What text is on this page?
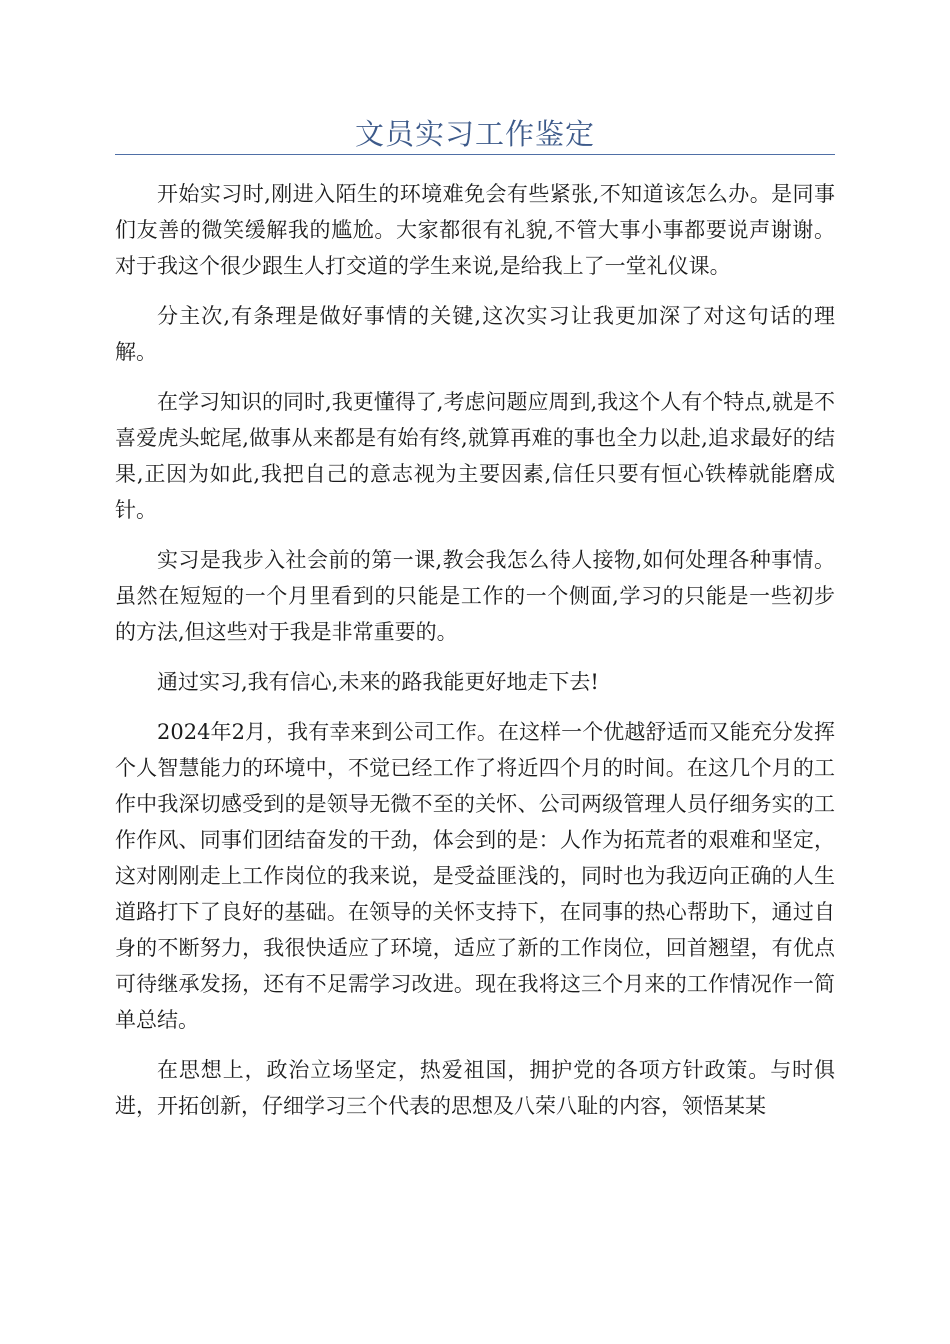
文员实习工作鉴定

开始实习时,刚进入陌生的环境难免会有些紧张,不知道该怎么办。是同事们友善的微笑缓解我的尴尬。大家都很有礼貌,不管大事小事都要说声谢谢。对于我这个很少跟生人打交道的学生来说,是给我上了一堂礼仪课。

分主次,有条理是做好事情的关键,这次实习让我更加深了对这句话的理解。

在学习知识的同时,我更懂得了,考虑问题应周到,我这个人有个特点,就是不喜爱虎头蛇尾,做事从来都是有始有终,就算再难的事也全力以赴,追求最好的结果,正因为如此,我把自己的意志视为主要因素,信任只要有恒心铁棒就能磨成针。

实习是我步入社会前的第一课,教会我怎么待人接物,如何处理各种事情。虽然在短短的一个月里看到的只能是工作的一个侧面,学习的只能是一些初步的方法,但这些对于我是非常重要的。

通过实习,我有信心,未来的路我能更好地走下去!

2024年2月，我有幸来到公司工作。在这样一个优越舒适而又能充分发挥个人智慧能力的环境中，不觉已经工作了将近四个月的时间。在这几个月的工作中我深切感受到的是领导无微不至的关怀、公司两级管理人员仔细务实的工作作风、同事们团结奋发的干劲，体会到的是：人作为拓荒者的艰难和坚定，这对刚刚走上工作岗位的我来说，是受益匪浅的，同时也为我迈向正确的人生道路打下了良好的基础。在领导的关怀支持下，在同事的热心帮助下，通过自身的不断努力，我很快适应了环境，适应了新的工作岗位，回首翘望，有优点可待继承发扬，还有不足需学习改进。现在我将这三个月来的工作情况作一简单总结。

在思想上，政治立场坚定，热爱祖国，拥护党的各项方针政策。与时俱进，开拓创新，仔细学习三个代表的思想及八荣八耻的内容，领悟某某
